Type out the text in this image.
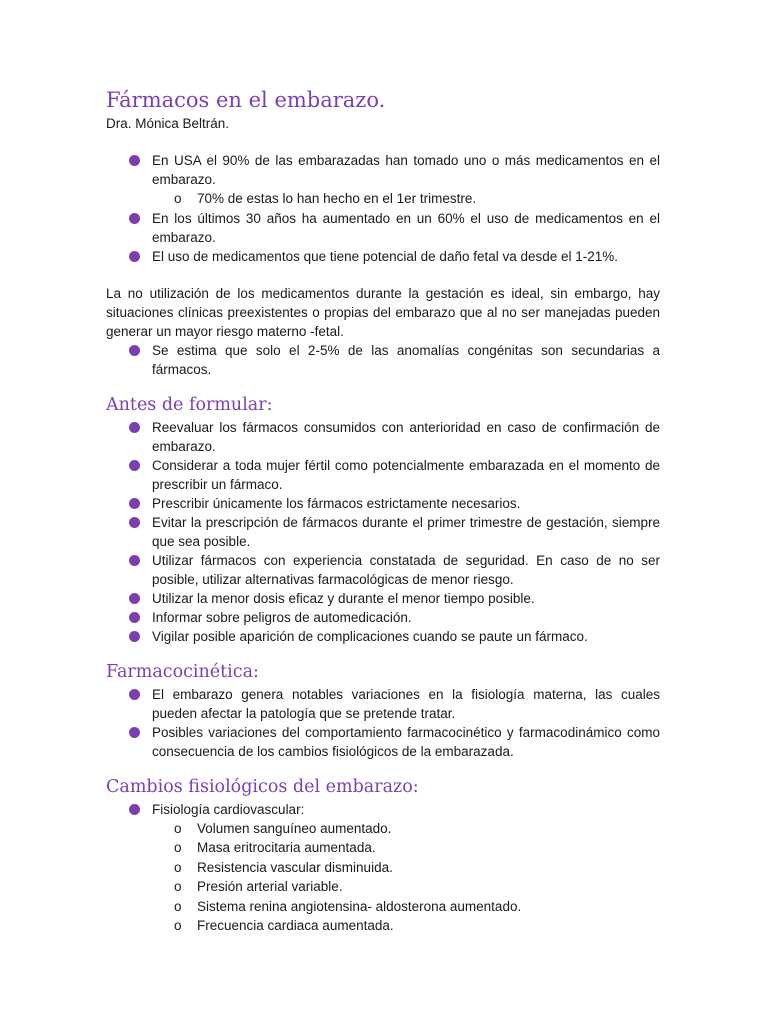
Fármacos en el embarazo.
Dra. Mónica Beltrán.
En USA el 90% de las embarazadas han tomado uno o más medicamentos en el embarazo.
o 70% de estas lo han hecho en el 1er trimestre.
En los últimos 30 años ha aumentado en un 60% el uso de medicamentos en el embarazo.
El uso de medicamentos que tiene potencial de daño fetal va desde el 1-21%.

La no utilización de los medicamentos durante la gestación es ideal, sin embargo, hay situaciones clínicas preexistentes o propias del embarazo que al no ser manejadas pueden generar un mayor riesgo materno -fetal.

Se estima que solo el 2-5% de las anomalías congénitas son secundarias a fármacos.
Antes de formular:
Reevaluar los fármacos consumidos con anterioridad en caso de confirmación de embarazo.
Considerar a toda mujer fértil como potencialmente embarazada en el momento de prescribir un fármaco.
Prescribir únicamente los fármacos estrictamente necesarios.
Evitar la prescripción de fármacos durante el primer trimestre de gestación, siempre que sea posible.
Utilizar fármacos con experiencia constatada de seguridad. En caso de no ser posible, utilizar alternativas farmacológicas de menor riesgo.
Utilizar la menor dosis eficaz y durante el menor tiempo posible.
Informar sobre peligros de automedicación.
Vigilar posible aparición de complicaciones cuando se paute un fármaco.
Farmacocinética:
El embarazo genera notables variaciones en la fisiología materna, las cuales pueden afectar la patología que se pretende tratar.
Posibles variaciones del comportamiento farmacocinético y farmacodinámico como consecuencia de los cambios fisiológicos de la embarazada.
Cambios fisiológicos del embarazo:
Fisiología cardiovascular:
o Volumen sanguíneo aumentado.
o Masa eritrocitaria aumentada.
o Resistencia vascular disminuida.
o Presión arterial variable.
o Sistema renina angiotensina- aldosterona aumentado.
o Frecuencia cardiaca aumentada.
